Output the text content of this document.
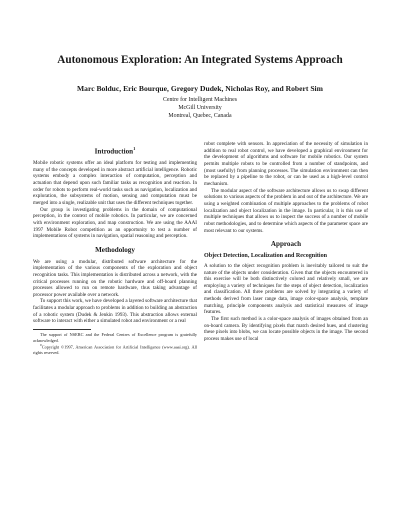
Autonomous Exploration: An Integrated Systems Approach
Marc Bolduc, Eric Bourque, Gregory Dudek, Nicholas Roy, and Robert Sim
Centre for Intelligent Machines
McGill University
Montreal, Quebec, Canada
Introduction$^1$

Mobile robotic systems offer an ideal platform for testing and implementing many of the concepts developed in more abstract artificial intelligence. Robotic systems embody a complex interaction of computation, perception and actuation that depend upon such familiar tasks as recognition and reaction. In order for robots to perform real-world tasks such as navigation, localization and exploration, the subsystems of motion, sensing and computation must be merged into a single, realizable unit that uses the different techniques together.

Our group is investigating problems in the domain of computational perception, in the context of mobile robotics. In particular, we are concerned with environment exploration, and map construction. We are using the AAAI 1997 Mobile Robot competition as an opportunity to test a number of implementations of systems in navigation, spatial reasoning and perception.

Methodology

We are using a modular, distributed software architecture for the implementation of the various components of the exploration and object recognition tasks. This implementation is distributed across a network, with the critical processes running on the robotic hardware and off-board planning processes allowed to run on remote hardware, thus taking advantage of processor power available over a network.

To support this work, we have developed a layered software architecture that facilitates a modular approach to problems in addition to building an abstraction of a robotic system (Dudek & Jenkin 1993). This abstraction allows external software to interact with either a simulated robot and environment or a real

The support of NSERC and the Federal Centres of Excellence program is gratefully acknowledged.

$^0$Copyright ©1997, American Association for Artificial Intelligence (www.aaai.org). All rights reserved.

robot complete with sensors. In appreciation of the necessity of simulation in addition to real robot control, we have developed a graphical environment for the development of algorithms and software for mobile robotics. Our system permits multiple robots to be controlled from a number of standpoints, and (most usefully) from planning processes. The simulation environment can then be replaced by a pipeline to the robot, or can be used as a high-level control mechanism.

The modular aspect of the software architecture allows us to swap different solutions to various aspects of the problem in and out of the architecture. We are using a weighted combination of multiple approaches to the problems of robot localization and object localization in the image. In particular, it is this use of multiple techniques that allows us to inspect the success of a number of mobile robot methodologies, and to determine which aspects of the parameter space are most relevant to our systems.

Approach
Object Detection, Localization and Recognition

A solution to the object recognition problem is inevitably tailored to suit the nature of the objects under consideration. Given that the objects encountered in this exercise will be both distinctively colored and relatively small, we are employing a variety of techniques for the steps of object detection, localization and classification. All three problems are solved by integrating a variety of methods derived from laser range data, image color-space analysis, template matching, principle components analysis and statistical measures of image features.

The first such method is a color-space analysis of images obtained from an on-board camera. By identifying pixels that match desired hues, and clustering these pixels into blobs, we can locate possible objects in the image. The second process makes use of local
